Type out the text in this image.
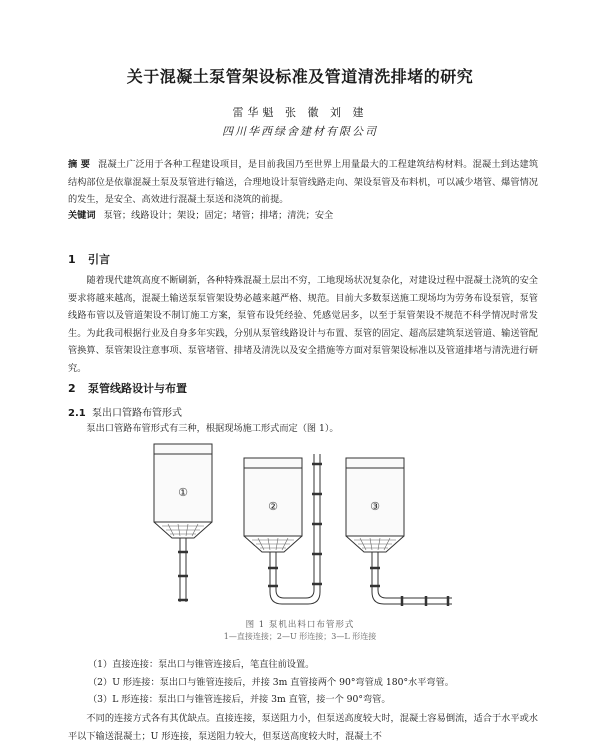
关于混凝土泵管架设标准及管道清洗排堵的研究
雷华魁 张 徽 刘 建
四川华西绿舍建材有限公司
摘 要 混凝土广泛用于各种工程建设项目，是目前我国乃至世界上用量最大的工程建筑结构材料。混凝土到达建筑结构部位是依靠混凝土泵及泵管进行输送，合理地设计泵管线路走向、架设泵管及布料机，可以减少堵管、爆管情况的发生，是安全、高效进行混凝土泵送和浇筑的前提。
关键词 泵管；线路设计；架设；固定；堵管；排堵；清洗；安全
1 引言
随着现代建筑高度不断刷新，各种特殊混凝土层出不穷，工地现场状况复杂化，对建设过程中混凝土浇筑的安全要求将越来越高，混凝土输送泵泵管架设势必越来越严格、规范。目前大多数泵送施工现场均为劳务布设泵管，泵管线路布管以及管道架设不制订施工方案，泵管布设凭经验、凭感觉居多，以至于泵管架设不规范不科学情况时常发生。为此我司根据行业及自身多年实践，分别从泵管线路设计与布置、泵管的固定、超高层建筑泵送管道、输送管配管换算、泵管架设注意事项、泵管堵管、排堵及清洗以及安全措施等方面对泵管架设标准以及管道排堵与清洗进行研究。
2 泵管线路设计与布置
2.1 泵出口管路布管形式
泵出口管路布管形式有三种，根据现场施工形式而定（图 1）。
①
②	③
图 1 泵机出料口布管形式
1—直接连接；2—U 形连接；3—L 形连接
（1）直接连接：泵出口与锥管连接后，笔直往前设置。
（2）U 形连接：泵出口与锥管连接后，并接 3m 直管接两个 90°弯管成 180°水平弯管。
（3）L 形连接：泵出口与锥管连接后，并接 3m 直管，接一个 90°弯管。
不同的连接方式各有其优缺点。直接连接，泵送阻力小，但泵送高度较大时，混凝土容易倒流，适合于水平或水平以下输送混凝土；U 形连接，泵送阻力较大，但泵送高度较大时，混凝土不
